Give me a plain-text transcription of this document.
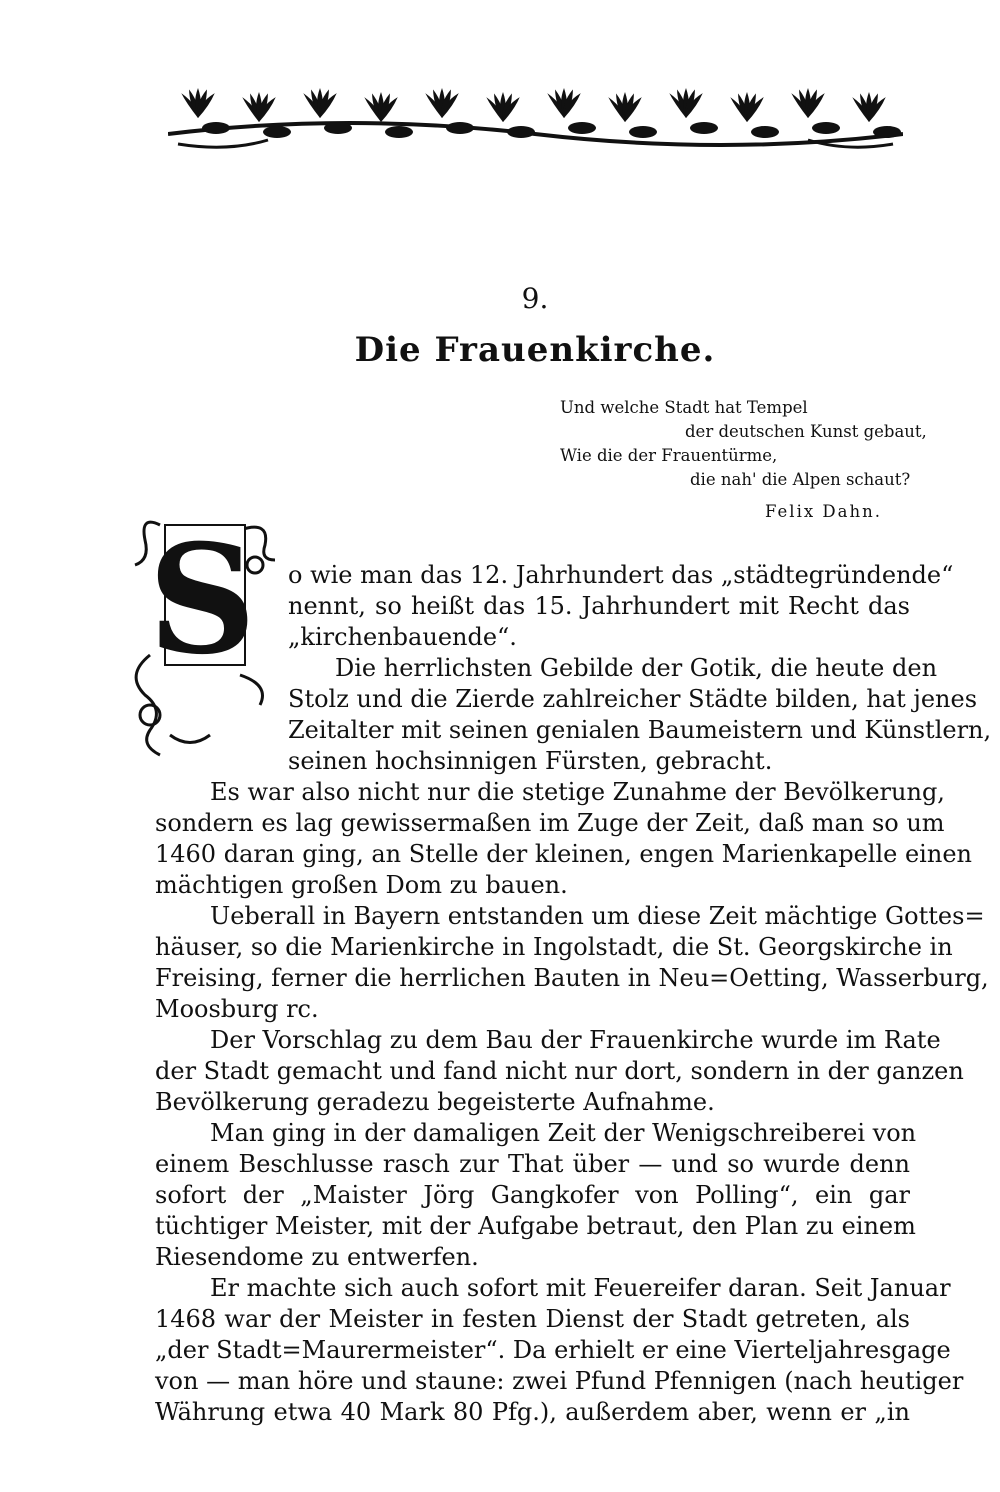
9.
Die Frauenkirche.
Und welche Stadt hat Tempel
der deutschen Kunst gebaut,
Wie die der Frauentürme,
die nah' die Alpen schaut?
Felix Dahn.
S	o wie man das 12. Jahrhundert das „städtegründende“
nennt, so heißt das 15. Jahrhundert mit Recht das
„kirchenbauende“.
Die herrlichsten Gebilde der Gotik, die heute den
Stolz und die Zierde zahlreicher Städte bilden, hat jenes
Zeitalter mit seinen genialen Baumeistern und Künstlern,
seinen hochsinnigen Fürsten, gebracht.
Es war also nicht nur die stetige Zunahme der Bevölkerung,
sondern es lag gewissermaßen im Zuge der Zeit, daß man so um
1460 daran ging, an Stelle der kleinen, engen Marienkapelle einen
mächtigen großen Dom zu bauen.
Ueberall in Bayern entstanden um diese Zeit mächtige Gottes=
häuser, so die Marienkirche in Ingolstadt, die St. Georgskirche in
Freising, ferner die herrlichen Bauten in Neu=Oetting, Wasserburg,
Moosburg rc.
Der Vorschlag zu dem Bau der Frauenkirche wurde im Rate
der Stadt gemacht und fand nicht nur dort, sondern in der ganzen
Bevölkerung geradezu begeisterte Aufnahme.
Man ging in der damaligen Zeit der Wenigschreiberei von
einem Beschlusse rasch zur That über — und so wurde denn
sofort der „Maister Jörg Gangkofer von Polling“, ein gar
tüchtiger Meister, mit der Aufgabe betraut, den Plan zu einem
Riesendome zu entwerfen.
Er machte sich auch sofort mit Feuereifer daran. Seit Januar
1468 war der Meister in festen Dienst der Stadt getreten, als
„der Stadt=Maurermeister“. Da erhielt er eine Vierteljahresgage
von — man höre und staune: zwei Pfund Pfennigen (nach heutiger
Währung etwa 40 Mark 80 Pfg.), außerdem aber, wenn er „in
